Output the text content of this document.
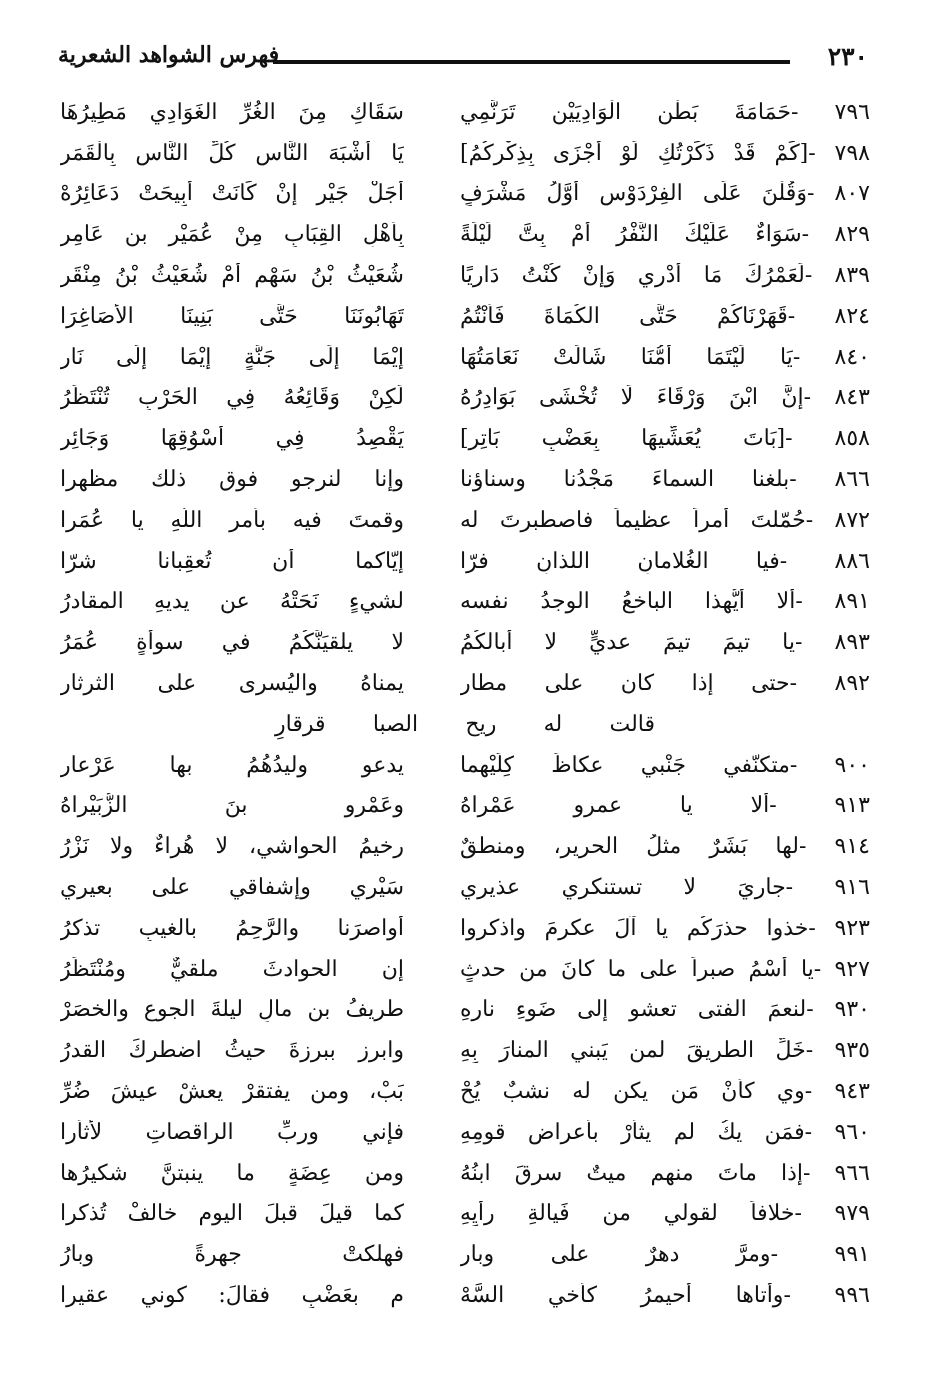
٢٣٠
فهرس الشواهد الشعرية
٧٩٦ -حَمَامَةَ بَطْنِ الْوَادِيَيْنِ تَرَنَّمِي
سَقَاكِ مِنَ الغُرِّ الغَوَادِي مَطِيرُهَا
٧٩٨ -[كَمْ قَدْ ذَكَرْتُكِ لَوْ أُجْزَى بِذِكْرِكُمُ]
يَا أَشْبَهَ النَّاسِ كُلِّ النَّاسِ بِالْقَمَرِ
٨٠٧ -وَقُلْنَ عَلَى الفِرْدَوْسِ أَوَّلُ مَشْرَفٍ
أَجَلْ جَيْرِ إنْ كَانَتْ أُبِيحَتْ دَعَائِرُهْ
٨٢٩ -سَوَاءٌ عَلَيْكَ النَّفْرُ أَمْ بِتَّ لَيْلَةً
بِأَهْلِ القِبَابِ مِنْ عُمَيْرِ بنِ عَامِرِ
٨٣٩ -لَعَمْرُكَ مَا أَدْرِي وَإنْ كُنْتُ دَارِيًا
شُعَيْثُ بْنُ سَهْمٍ أَمْ شُعَيْثُ بْنُ مِنْقَرِ
٨٢٤ -قَهَرْنَاكُمْ حَتَّى الكُمَاةَ فَأَنْتُمُ
تَهَابُونَنَا حَتَّى بَنِينَا الأَصَاغِرَا
٨٤٠ -يَا لَيْتَمَا أُمُّنَا شَالَتْ نَعَامَتُهَا
إيْمَا إلَى جَنَّةٍ إيْمَا إلَى نَارِ
٨٤٣ -إنَّ ابْنَ وَرْقَاءَ لَا تُخْشَى بَوَادِرُهُ
لَكِنْ وَقَائِعُهُ فِي الحَرْبِ تُنْتَظَرُ
٨٥٨ -[بَاتَ يُعَشِّيهَا بِعَضْبٍ بَاتِرِ]
يَقْصِدُ فِي أَسْوُقِهَا وَجَائِرِ
٨٦٦ -بلغنا السماءَ مَجْدُنا وسناؤنا
وإنا لنرجو فوق ذلك مظهرا
٨٧٢ -حُمّلتَ أمراً عظيماً فاصطبرتَ له
وقمتَ فيه بأمرِ اللَّهِ يا عُمَرا
٨٨٦ -فيا الغُلامانِ اللذانِ فرّا
إيّاكما أن تُعقِبانا شرّا
٨٩١ -ألا أيُّهذا الباخعُ الوجدُ نفسه
لشيءٍ نَحَتْهُ عن يديهِ المقادرُ
٨٩٣ -يا تيمَ تيمَ عديٍّ لا أبالكُمُ
لا يلقيَنَّكُمُ في سوأةٍ عُمَرُ
٨٩٢ -حتى إذا كان على مطارِ
يمناهُ واليُسرى على الثرثارِ
قالت له ريح الصبا قرقارِ
٩٠٠ -متكنّفي جَنْبي عكاظَ كِلَيْهِما
يدعو وليدُهُمُ بها عَرْعارِ
٩١٣ -ألا يا عمرو عَمْراهُ
وعَمْرو بنَ الزُّبَيْراهُ
٩١٤ -لها بَشَرٌ مثلُ الحريرِ، ومنطقٌ
رخيمُ الحواشي، لا هُراءٌ ولا نَزْرُ
٩١٦ -جاريَ لا تستنكري عذيري
سَيْري وإشفاقي على بعيري
٩٢٣ -خذوا حذرَكُم يا آلَ عكرمَ واذكروا
أواصرَنا والرَّحِمُ بالغيبِ تذكرُ
٩٢٧ -يا أسْمُ صبراً على ما كانَ من حدثٍ
إن الحوادثَ ملقيٌّ ومُنْتَظَرُ
٩٣٠ -لنعمَ الفتى تعشو إلى ضَوءِ نارِهِ
طريفُ بن مالٍ ليلةَ الجوعِ والخصَرْ
٩٣٥ -خَلِّ الطريقَ لمن يَبني المنارَ بِهِ
وابرز ببرزةَ حيثُ اضطركَ القدرُ
٩٤٣ -وي كأنْ مَن يكن له نشبٌ يُحْ
بَبْ، ومن يفتقرْ يعشْ عيشَ ضُرِّ
٩٦٠ -فمَن يكُ لم يثأرْ بأعراضِ قومِهِ
فإني وربِّ الراقصاتِ لأثأرا
٩٦٦ -إذا ماتَ منهم ميتٌ سرقَ ابنُهُ
ومن عِضَةٍ ما ينبتنَّ شكيرُها
٩٧٩ -خلافاً لقولي من فَيالةِ رأيِهِ
كما قيلَ قبلَ اليومِ خالفْ تُذكرا
٩٩١ -ومرَّ دهرٌ على وبارِ
فهلكتْ جهرةً وبارُ
٩٩٦ -وأتاها أحيمرُ كأخي السَّهْ
مِ بعَضْبٍ فقالَ: كوني عقيرا
